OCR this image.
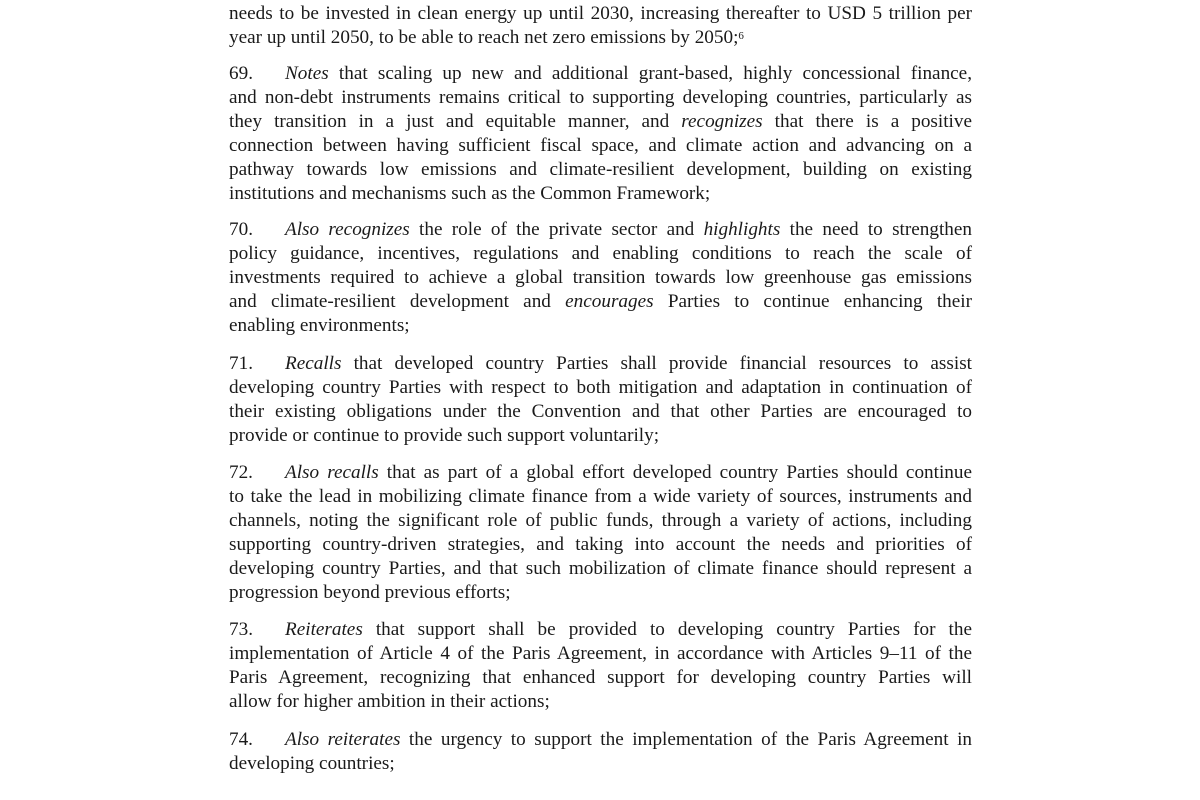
needs to be invested in clean energy up until 2030, increasing thereafter to USD 5 trillion per
year up until 2050, to be able to reach net zero emissions by 2050;$^6$
69. Notes that scaling up new and additional grant-based, highly concessional finance,
and non-debt instruments remains critical to supporting developing countries, particularly as
they transition in a just and equitable manner, and recognizes that there is a positive
connection between having sufficient fiscal space, and climate action and advancing on a
pathway towards low emissions and climate-resilient development, building on existing
institutions and mechanisms such as the Common Framework;
70. Also recognizes the role of the private sector and highlights the need to strengthen
policy guidance, incentives, regulations and enabling conditions to reach the scale of
investments required to achieve a global transition towards low greenhouse gas emissions
and climate-resilient development and encourages Parties to continue enhancing their
enabling environments;
71. Recalls that developed country Parties shall provide financial resources to assist
developing country Parties with respect to both mitigation and adaptation in continuation of
their existing obligations under the Convention and that other Parties are encouraged to
provide or continue to provide such support voluntarily;
72. Also recalls that as part of a global effort developed country Parties should continue
to take the lead in mobilizing climate finance from a wide variety of sources, instruments and
channels, noting the significant role of public funds, through a variety of actions, including
supporting country-driven strategies, and taking into account the needs and priorities of
developing country Parties, and that such mobilization of climate finance should represent a
progression beyond previous efforts;
73. Reiterates that support shall be provided to developing country Parties for the
implementation of Article 4 of the Paris Agreement, in accordance with Articles 9–11 of the
Paris Agreement, recognizing that enhanced support for developing country Parties will
allow for higher ambition in their actions;
74. Also reiterates the urgency to support the implementation of the Paris Agreement in
developing countries;
